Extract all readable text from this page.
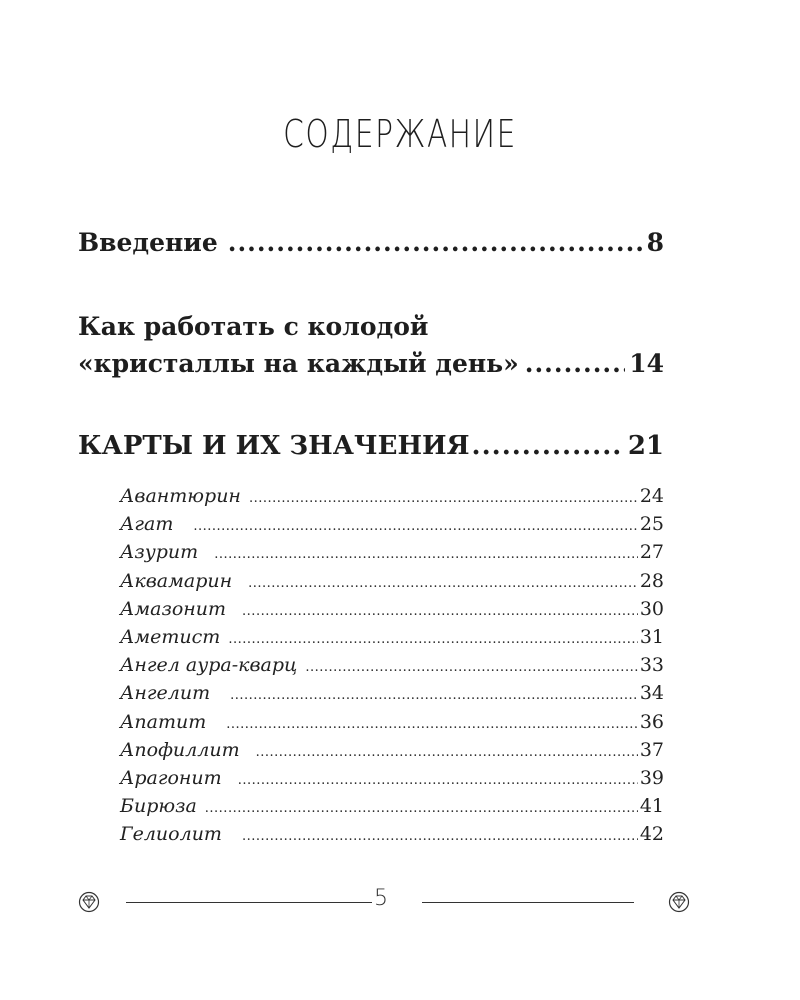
СОДЕРЖАНИЕ
Введение .....	8
Как работать с колодой
«кристаллы на каждый день» .....	14
КАРТЫ И ИХ ЗНАЧЕНИЯ .....	21
Авантюрин .....	24
Агат .....	25
Азурит .....	27
Аквамарин .....	28
Амазонит .....	30
Аметист .....	31
Ангел аура-кварц .....	33
Ангелит .....	34
Апатит .....	36
Апофиллит .....	37
Арагонит .....	39
Бирюза .....	41
Гелиолит .....	42
5
